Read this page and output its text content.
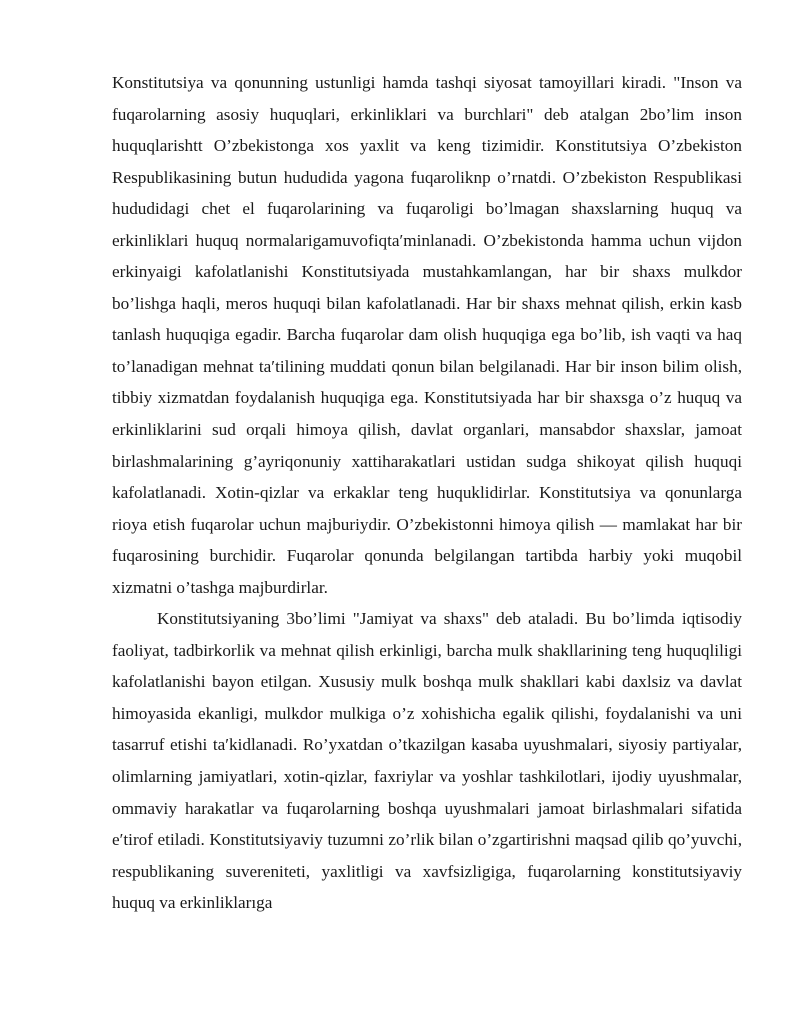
Konstitutsiya va qonunning ustunligi hamda tashqi siyosat tamoyillari kiradi. "Inson va fuqarolarning asosiy huquqlari, erkinliklari va burchlari" deb atalgan 2bo’lim inson huquqlarishtt O’zbekistonga xos yaxlit va keng tizimidir. Konstitutsiya O’zbekiston Respublikasining butun hududida yagona fuqaroliknp o’rnatdi. O’zbekiston Respublikasi hududidagi chet el fuqarolarining va fuqaroligi bo’lmagan shaxslarning huquq va erkinliklari huquq normalarigamuvofiqtaʹminlanadi. O’zbekistonda hamma uchun vijdon erkinyaigi kafolatlanishi Konstitutsiyada mustahkamlangan, har bir shaxs mulkdor bo’lishga haqli, meros huquqi bilan kafolatlanadi. Har bir shaxs mehnat qilish, erkin kasb tanlash huquqiga egadir. Barcha fuqarolar dam olish huquqiga ega bo’lib, ish vaqti va haq to’lanadigan mehnat taʹtilining muddati qonun bilan belgilanadi. Har bir inson bilim olish, tibbiy xizmatdan foydalanish huquqiga ega. Konstitutsiyada har bir shaxsga o’z huquq va erkinliklarini sud orqali himoya qilish, davlat organlari, mansabdor shaxslar, jamoat birlashmalarining g’ayriqonuniy xattiharakatlari ustidan sudga shikoyat qilish huquqi kafolatlanadi. Xotin-qizlar va erkaklar teng huquklidirlar. Konstitutsiya va qonunlarga rioya etish fuqarolar uchun majburiydir. O’zbekistonni himoya qilish — mamlakat har bir fuqarosining burchidir. Fuqarolar qonunda belgilangan tartibda harbiy yoki muqobil xizmatni o’tashga majburdirlar.

Konstitutsiyaning 3bo’limi "Jamiyat va shaxs" deb ataladi. Bu bo’limda iqtisodiy faoliyat, tadbirkorlik va mehnat qilish erkinligi, barcha mulk shakllarining teng huquqliligi kafolatlanishi bayon etilgan. Xususiy mulk boshqa mulk shakllari kabi daxlsiz va davlat himoyasida ekanligi, mulkdor mulkiga o’z xohishicha egalik qilishi, foydalanishi va uni tasarruf etishi taʹkidlanadi. Ro’yxatdan o’tkazilgan kasaba uyushmalari, siyosiy partiyalar, olimlarning jamiyatlari, xotin-qizlar, faxriylar va yoshlar tashkilotlari, ijodiy uyushmalar, ommaviy harakatlar va fuqarolarning boshqa uyushmalari jamoat birlashmalari sifatida eʹtirof etiladi. Konstitutsiyaviy tuzumni zo’rlik bilan o’zgartirishni maqsad qilib qo’yuvchi, respublikaning suvereniteti, yaxlitligi va xavfsizligiga, fuqarolarning konstitutsiyaviy huquq va erkinliklarıga
